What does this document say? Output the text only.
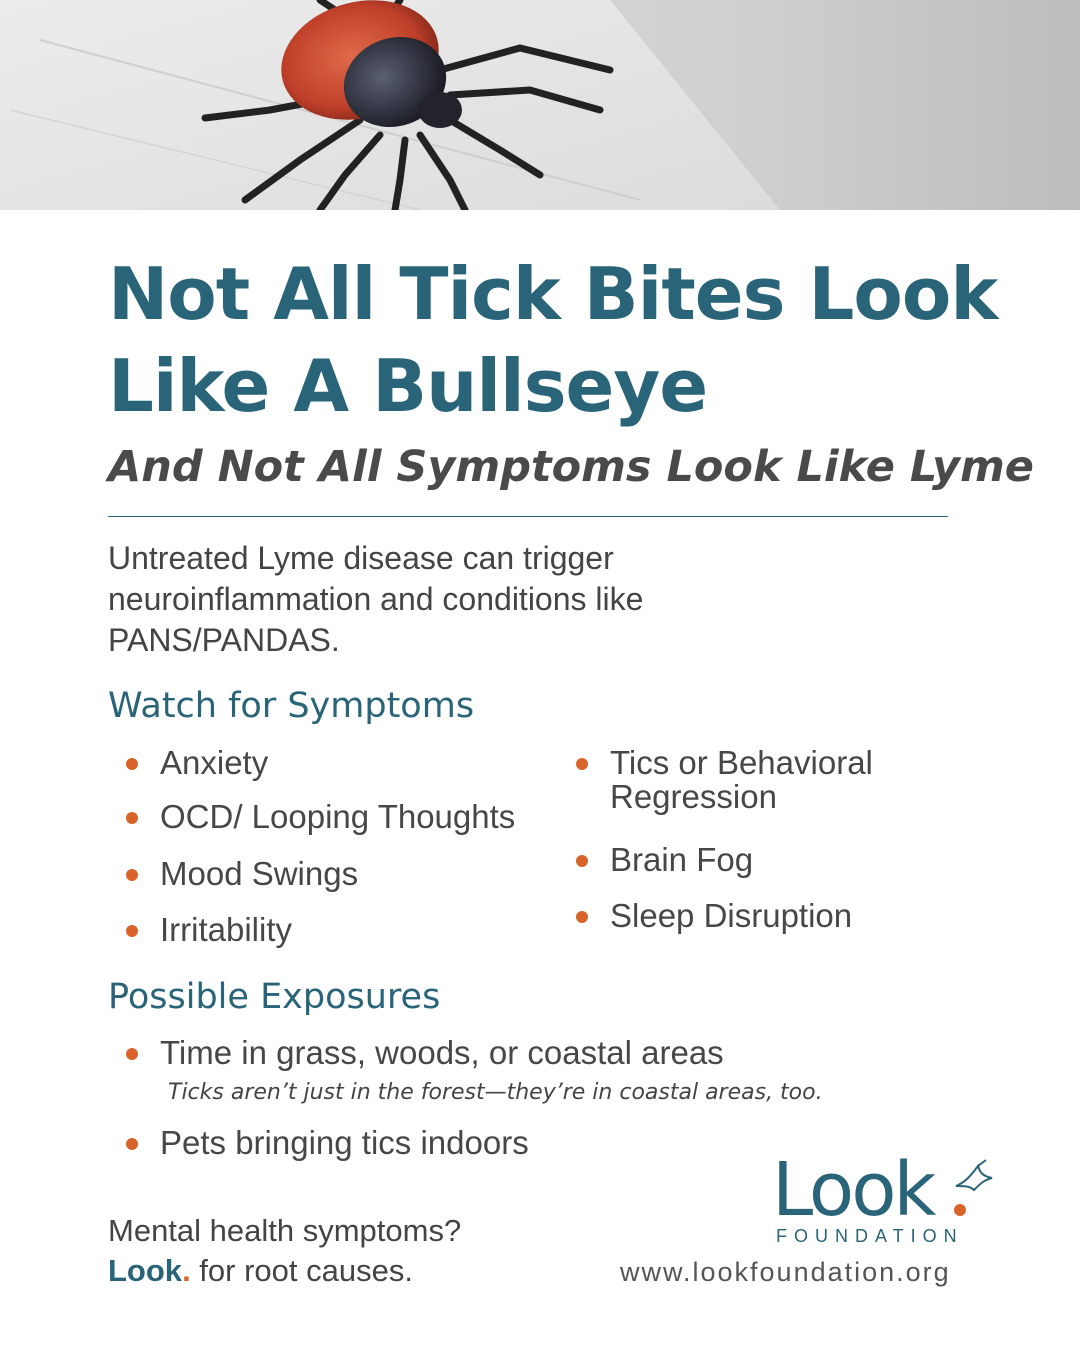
Not All Tick Bites Look Like A Bullseye
And Not All Symptoms Look Like Lyme

Untreated Lyme disease can trigger neuroinflammation and conditions like PANS/PANDAS.

Watch for Symptoms
Anxiety
OCD/ Looping Thoughts
Mood Swings
Irritability
Tics or Behavioral Regression
Brain Fog
Sleep Disruption
Possible Exposures
Time in grass, woods, or coastal areas

Ticks aren’t just in the forest—they’re in coastal areas, too.

Pets bringing tics indoors

Mental health symptoms?
Look. for root causes.

Look
FOUNDATION

www.lookfoundation.org
